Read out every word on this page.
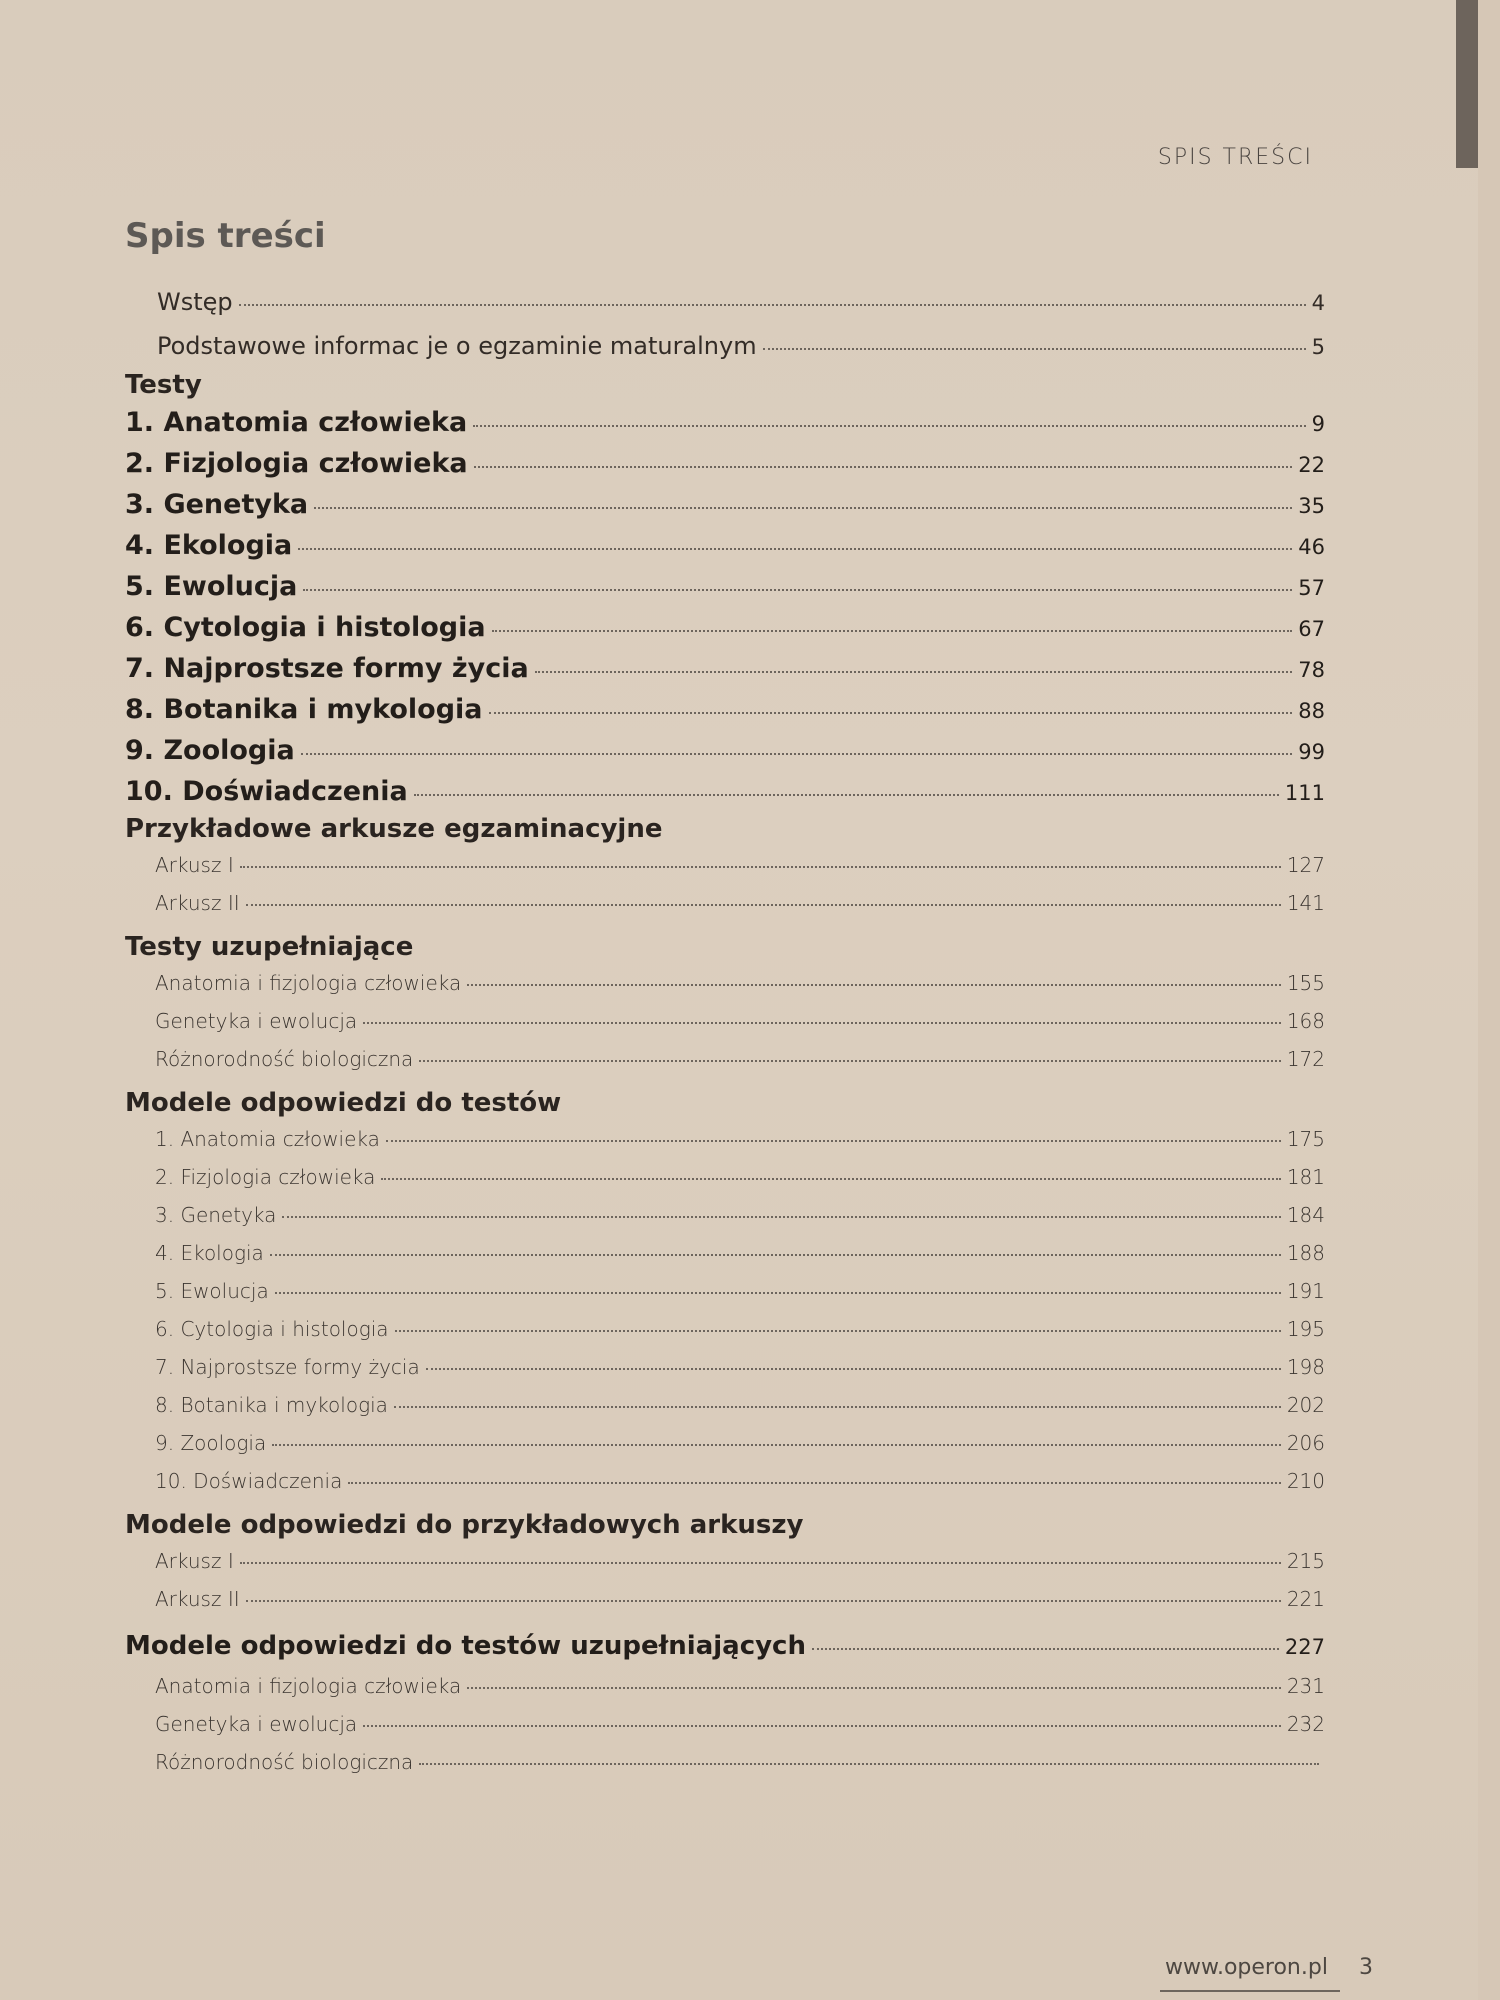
SPIS TREŚCI
Spis treści
Wstęp	4
Podstawowe informac je o egzaminie maturalnym	5
Testy
1. Anatomia człowieka	9
2. Fizjologia człowieka	22
3. Genetyka	35
4. Ekologia	46
5. Ewolucja	57
6. Cytologia i histologia	67
7. Najprostsze formy życia	78
8. Botanika i mykologia	88
9. Zoologia	99
10. Doświadczenia	111
Przykładowe arkusze egzaminacyjne
Arkusz I	127
Arkusz II	141
Testy uzupełniające
Anatomia i fizjologia człowieka	155
Genetyka i ewolucja	168
Różnorodność biologiczna	172
Modele odpowiedzi do testów
1. Anatomia człowieka	175
2. Fizjologia człowieka	181
3. Genetyka	184
4. Ekologia	188
5. Ewolucja	191
6. Cytologia i histologia	195
7. Najprostsze formy życia	198
8. Botanika i mykologia	202
9. Zoologia	206
10. Doświadczenia	210
Modele odpowiedzi do przykładowych arkuszy
Arkusz I	215
Arkusz II	221
Modele odpowiedzi do testów uzupełniających	227
Anatomia i fizjologia człowieka	231
Genetyka i ewolucja	232
Różnorodność biologiczna
www.operon.pl 3
